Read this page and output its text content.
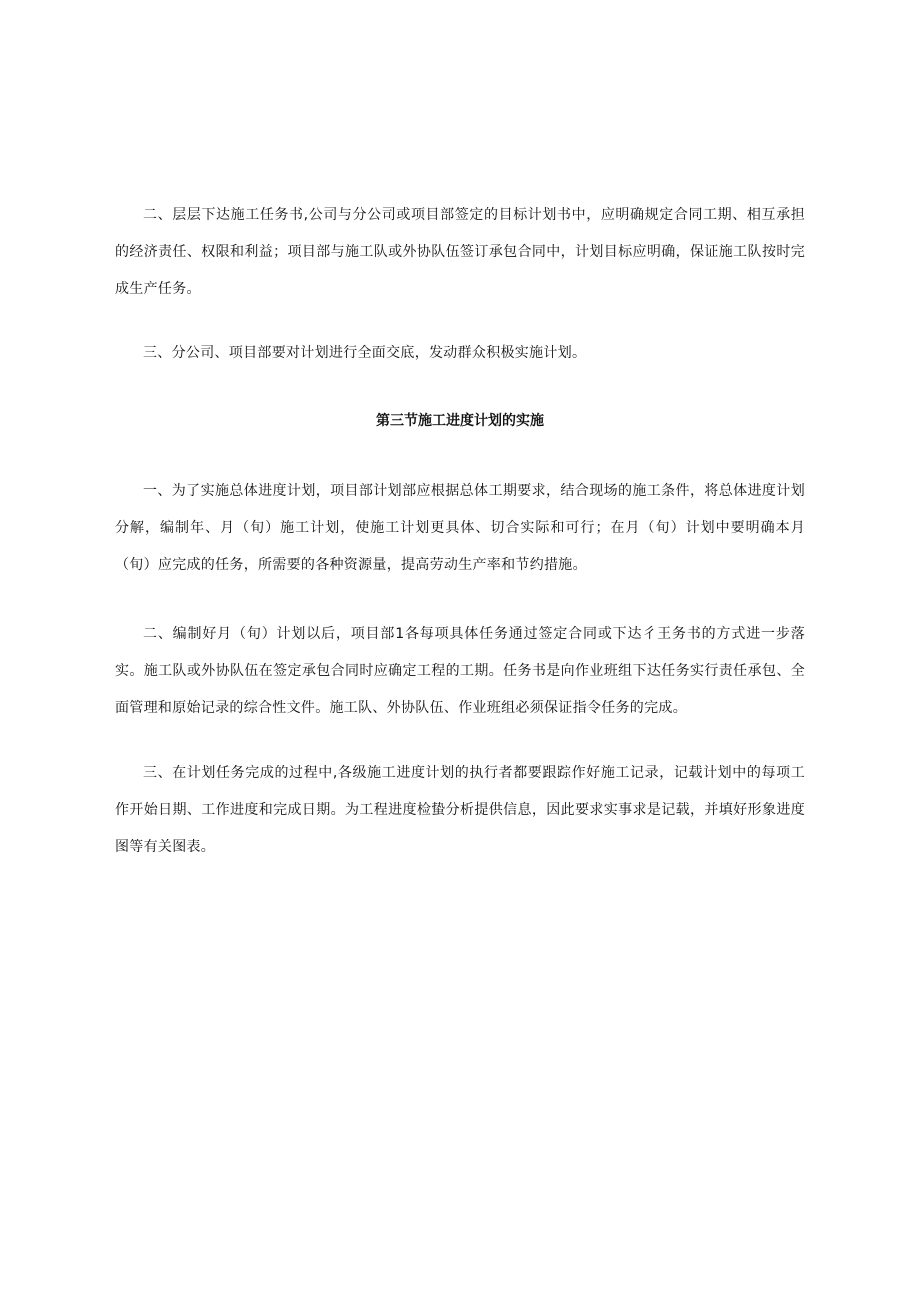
二、层层下达施工任务书,公司与分公司或项目部签定的目标计划书中，应明确规定合同工期、相互承担的经济责任、权限和利益；项目部与施工队或外协队伍签订承包合同中，计划目标应明确，保证施工队按时完成生产任务。

三、分公司、项目部要对计划进行全面交底，发动群众积极实施计划。

第三节施工进度计划的实施

一、为了实施总体进度计划，项目部计划部应根据总体工期要求，结合现场的施工条件，将总体进度计划分解，编制年、月（旬）施工计划，使施工计划更具体、切合实际和可行；在月（旬）计划中要明确本月（旬）应完成的任务，所需要的各种资源量，提高劳动生产率和节约措施。

二、编制好月（旬）计划以后，项目部1各每项具体任务通过签定合同或下达彳王务书的方式进一步落实。施工队或外协队伍在签定承包合同时应确定工程的工期。任务书是向作业班组下达任务实行责任承包、全面管理和原始记录的综合性文件。施工队、外协队伍、作业班组必须保证指令任务的完成。

三、在计划任务完成的过程中,各级施工进度计划的执行者都要跟踪作好施工记录，记载计划中的每项工作开始日期、工作进度和完成日期。为工程进度检蛰分析提供信息，因此要求实事求是记载，并填好形象进度图等有关图表。
